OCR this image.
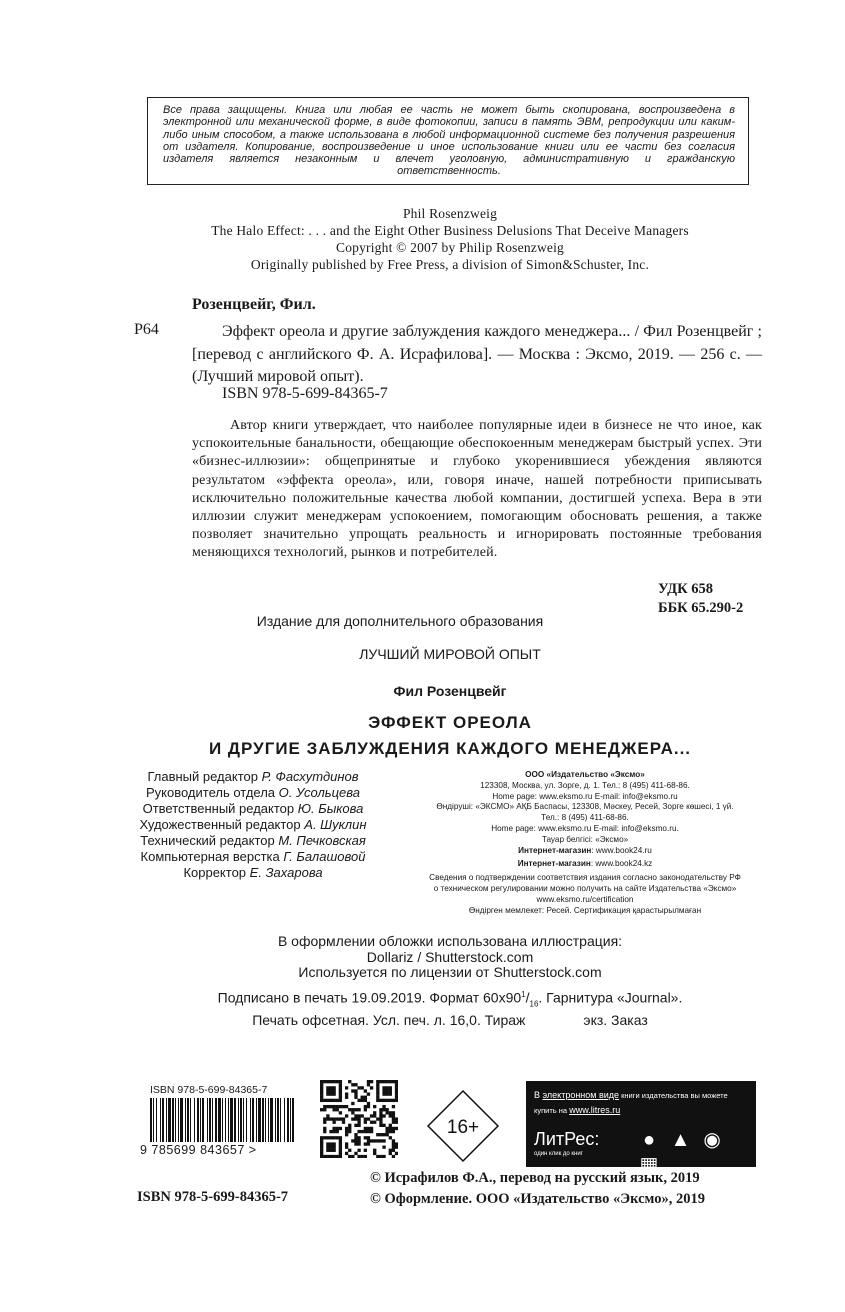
Все права защищены. Книга или любая ее часть не может быть скопирована, воспроизведена в электронной или механической форме, в виде фотокопии, записи в память ЭВМ, репродукции или каким-либо иным способом, а также использована в любой информационной системе без получения разрешения от издателя. Копирование, воспроизведение и иное использование книги или ее части без согласия издателя является незаконным и влечет уголовную, административную и гражданскую ответственность.
Phil Rosenzweig
The Halo Effect: . . . and the Eight Other Business Delusions That Deceive Managers
Copyright © 2007 by Philip Rosenzweig
Originally published by Free Press, a division of Simon&Schuster, Inc.
Розенцвейг, Фил.
Р64	Эффект ореола и другие заблуждения каждого менеджера... / Фил Розенцвейг ; [перевод с английского Ф. А. Исрафилова]. — Москва : Эксмо, 2019. — 256 с. — (Лучший мировой опыт).
ISBN 978-5-699-84365-7
Автор книги утверждает, что наиболее популярные идеи в бизнесе не что иное, как успокоительные банальности, обещающие обеспокоенным менеджерам быстрый успех. Эти «бизнес-иллюзии»: общепринятые и глубоко укоренившиеся убеждения являются результатом «эффекта ореола», или, говоря иначе, нашей потребности приписывать исключительно положительные качества любой компании, достигшей успеха. Вера в эти иллюзии служит менеджерам успокоением, помогающим обосновать решения, а также позволяет значительно упрощать реальность и игнорировать постоянные требования меняющихся технологий, рынков и потребителей.
УДК 658
ББК 65.290-2
Издание для дополнительного образования
ЛУЧШИЙ МИРОВОЙ ОПЫТ
Фил Розенцвейг
ЭФФЕКТ ОРЕОЛА
И ДРУГИЕ ЗАБЛУЖДЕНИЯ КАЖДОГО МЕНЕДЖЕРА...
Главный редактор Р. Фасхутдинов
Руководитель отдела О. Усольцева
Ответственный редактор Ю. Быкова
Художественный редактор А. Шуклин
Технический редактор М. Печковская
Компьютерная верстка Г. Балашовой
Корректор Е. Захарова
ООО «Издательство «Эксмо»
123308, Москва, ул. Зорге, д. 1. Тел.: 8 (495) 411-68-86.
Home page: www.eksmo.ru E-mail: info@eksmo.ru
Өндіруші: «ЭКСМО» АҚБ Баспасы, 123308, Мәскеу, Ресей, Зорге көшесі, 1 үй.
Тел.: 8 (495) 411-68-86.
Home page: www.eksmo.ru E-mail: info@eksmo.ru.
Тауар белгісі: «Эксмо»
Интернет-магазин: www.book24.ru
Интернет-магазин: www.book24.kz
Сведения о подтверждении соответствия издания согласно законодательству РФ
о техническом регулировании можно получить на сайте Издательства «Эксмо»
www.eksmo.ru/certification
Өндірген мемлекет: Ресей. Сертификация қарастырылмаған
В оформлении обложки использована иллюстрация:
Dollariz / Shutterstock.com
Используется по лицензии от Shutterstock.com
Подписано в печать 19.09.2019. Формат $60x90^1/_{16}$. Гарнитура «Journal».
Печать офсетная. Усл. печ. л. 16,0. Тираж	экз. Заказ
ISBN 978-5-699-84365-7
9 785699 843657 >
16+
В электронном виде книги издательства вы можете
купить на www.litres.ru
ЛитРес:
один клик до книг
● ▲ ◉ ▦
© Исрафилов Ф.А., перевод на русский язык, 2019
© Оформление. ООО «Издательство «Эксмо», 2019
ISBN 978-5-699-84365-7
